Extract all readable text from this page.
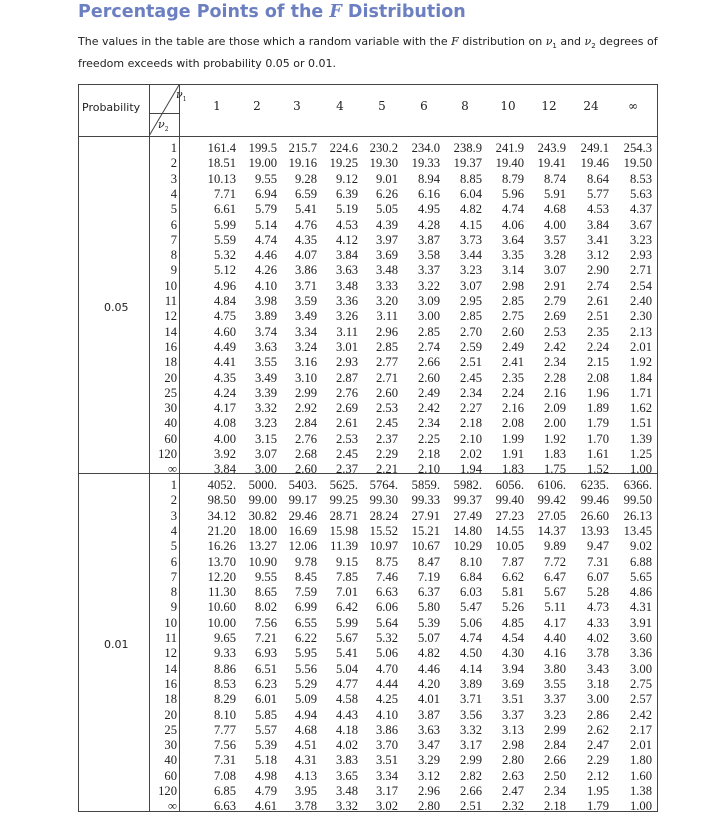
Percentage Points of the F Distribution
The values in the table are those which a random variable with the F distribution on $\nu_1$ and $\nu_2$ degrees of freedom exceeds with probability 0.05 or 0.01.
Probability
$\nu_1$
$\nu_2$
1	2	3	4	5	6	8	10	12	24	∞
0.05
1	161.4	199.5 215.7	224.6 230.2	234.0	238.9	241.9	243.9	249.1	254.3
2	18.51	19.00 19.16	19.25 19.30	19.33	19.37	19.40	19.41	19.46	19.50
3	10.13	9.55	9.28	9.12	9.01	8.94	8.85	8.79	8.74	8.64	8.53
4	7.71	6.94	6.59	6.39	6.26	6.16	6.04	5.96	5.91	5.77	5.63
5	6.61	5.79	5.41	5.19	5.05	4.95	4.82	4.74	4.68	4.53	4.37
6	5.99	5.14	4.76	4.53	4.39	4.28	4.15	4.06	4.00	3.84	3.67
7	5.59	4.74	4.35	4.12	3.97	3.87	3.73	3.64	3.57	3.41	3.23
8	5.32	4.46	4.07	3.84	3.69	3.58	3.44	3.35	3.28	3.12	2.93
9	5.12	4.26	3.86	3.63	3.48	3.37	3.23	3.14	3.07	2.90	2.71
10	4.96	4.10	3.71	3.48	3.33	3.22	3.07	2.98	2.91	2.74	2.54
11	4.84	3.98	3.59	3.36	3.20	3.09	2.95	2.85	2.79	2.61	2.40
12	4.75	3.89	3.49	3.26	3.11	3.00	2.85	2.75	2.69	2.51	2.30
14	4.60	3.74	3.34	3.11	2.96	2.85	2.70	2.60	2.53	2.35	2.13
16	4.49	3.63	3.24	3.01	2.85	2.74	2.59	2.49	2.42	2.24	2.01
18	4.41	3.55	3.16	2.93	2.77	2.66	2.51	2.41	2.34	2.15	1.92
20	4.35	3.49	3.10	2.87	2.71	2.60	2.45	2.35	2.28	2.08	1.84
25	4.24	3.39	2.99	2.76	2.60	2.49	2.34	2.24	2.16	1.96	1.71
30	4.17	3.32	2.92	2.69	2.53	2.42	2.27	2.16	2.09	1.89	1.62
40	4.08	3.23	2.84	2.61	2.45	2.34	2.18	2.08	2.00	1.79	1.51
60	4.00	3.15	2.76	2.53	2.37	2.25	2.10	1.99	1.92	1.70	1.39
120	3.92	3.07	2.68	2.45	2.29	2.18	2.02	1.91	1.83	1.61	1.25
∞	3.84	3.00	2.60	2.37	2.21	2.10	1.94	1.83	1.75	1.52	1.00
0.01
1	4052.	5000. 5403.	5625. 5764.	5859.	5982.	6056.	6106.	6235.	6366.
2	98.50	99.00 99.17	99.25 99.30	99.33	99.37	99.40	99.42	99.46	99.50
3	34.12	30.82 29.46	28.71 28.24	27.91	27.49	27.23	27.05	26.60	26.13
4	21.20	18.00 16.69	15.98 15.52	15.21	14.80	14.55	14.37	13.93	13.45
5	16.26	13.27 12.06	11.39 10.97	10.67	10.29	10.05	9.89	9.47	9.02
6	13.70	10.90	9.78	9.15	8.75	8.47	8.10	7.87	7.72	7.31	6.88
7	12.20	9.55	8.45	7.85	7.46	7.19	6.84	6.62	6.47	6.07	5.65
8	11.30	8.65	7.59	7.01	6.63	6.37	6.03	5.81	5.67	5.28	4.86
9	10.60	8.02	6.99	6.42	6.06	5.80	5.47	5.26	5.11	4.73	4.31
10	10.00	7.56	6.55	5.99	5.64	5.39	5.06	4.85	4.17	4.33	3.91
11	9.65	7.21	6.22	5.67	5.32	5.07	4.74	4.54	4.40	4.02	3.60
12	9.33	6.93	5.95	5.41	5.06	4.82	4.50	4.30	4.16	3.78	3.36
14	8.86	6.51	5.56	5.04	4.70	4.46	4.14	3.94	3.80	3.43	3.00
16	8.53	6.23	5.29	4.77	4.44	4.20	3.89	3.69	3.55	3.18	2.75
18	8.29	6.01	5.09	4.58	4.25	4.01	3.71	3.51	3.37	3.00	2.57
20	8.10	5.85	4.94	4.43	4.10	3.87	3.56	3.37	3.23	2.86	2.42
25	7.77	5.57	4.68	4.18	3.86	3.63	3.32	3.13	2.99	2.62	2.17
30	7.56	5.39	4.51	4.02	3.70	3.47	3.17	2.98	2.84	2.47	2.01
40	7.31	5.18	4.31	3.83	3.51	3.29	2.99	2.80	2.66	2.29	1.80
60	7.08	4.98	4.13	3.65	3.34	3.12	2.82	2.63	2.50	2.12	1.60
120	6.85	4.79	3.95	3.48	3.17	2.96	2.66	2.47	2.34	1.95	1.38
∞	6.63	4.61	3.78	3.32	3.02	2.80	2.51	2.32	2.18	1.79	1.00
